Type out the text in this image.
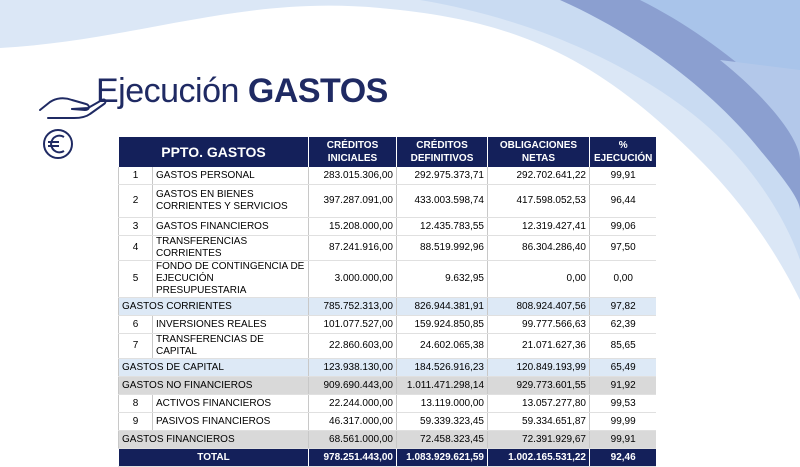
Ejecución GASTOS
PPTO. GASTOS		CRÉDITOS INICIALES	CRÉDITOS DEFINITIVOS	OBLIGACIONES NETAS	% EJECUCIÓN
1	GASTOS PERSONAL	283.015.306,00	292.975.373,71	292.702.641,22	99,91
2	GASTOS EN BIENES CORRIENTES Y SERVICIOS	397.287.091,00	433.003.598,74	417.598.052,53	96,44
3	GASTOS FINANCIEROS	15.208.000,00	12.435.783,55	12.319.427,41	99,06
4	TRANSFERENCIAS CORRIENTES	87.241.916,00	88.519.992,96	86.304.286,40	97,50
5	FONDO DE CONTINGENCIA DE EJECUCIÓN PRESUPUESTARIA	3.000.000,00	9.632,95	0,00	0,00
GASTOS CORRIENTES		785.752.313,00	826.944.381,91	808.924.407,56	97,82
6	INVERSIONES REALES	101.077.527,00	159.924.850,85	99.777.566,63	62,39
7	TRANSFERENCIAS DE CAPITAL	22.860.603,00	24.602.065,38	21.071.627,36	85,65
GASTOS DE CAPITAL		123.938.130,00	184.526.916,23	120.849.193,99	65,49
GASTOS NO FINANCIEROS		909.690.443,00	1.011.471.298,14	929.773.601,55	91,92
8	ACTIVOS FINANCIEROS	22.244.000,00	13.119.000,00	13.057.277,80	99,53
9	PASIVOS FINANCIEROS	46.317.000,00	59.339.323,45	59.334.651,87	99,99
GASTOS FINANCIEROS		68.561.000,00	72.458.323,45	72.391.929,67	99,91
TOTAL		978.251.443,00	1.083.929.621,59	1.002.165.531,22	92,46
